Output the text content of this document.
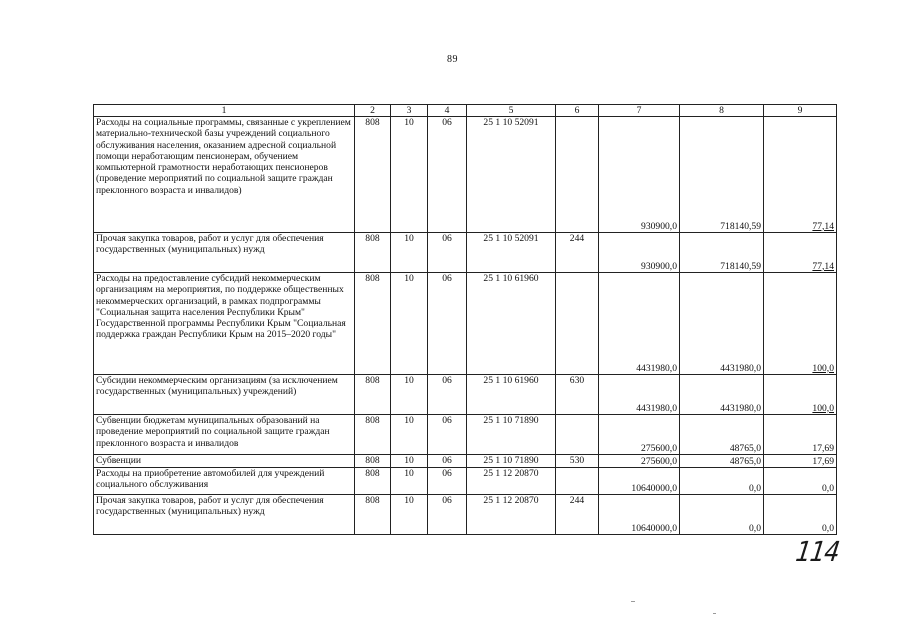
89
1	2	3	4	5	6	7	8	9
Расходы на социальные программы, связанные с укреплением материально-технической базы учреждений социального обслуживания населения, оказанием адресной социальной помощи неработающим пенсионерам, обучением компьютерной грамотности неработающих пенсионеров (проведение мероприятий по социальной защите граждан преклонного возраста и инвалидов)	808	10	06	25 1 10 52091		930900,0	718140,59	77,14
Прочая закупка товаров, работ и услуг для обеспечения государственных (муниципальных) нужд	808	10	06	25 1 10 52091	244	930900,0	718140,59	77,14
Расходы на предоставление субсидий некоммерческим организациям на мероприятия, по поддержке общественных некоммерческих организаций, в рамках подпрограммы "Социальная защита населения Республики Крым" Государственной программы Республики Крым "Социальная поддержка граждан Республики Крым на 2015–2020 годы"	808	10	06	25 1 10 61960		4431980,0	4431980,0	100,0
Субсидии некоммерческим организациям (за исключением государственных (муниципальных) учреждений)	808	10	06	25 1 10 61960	630	4431980,0	4431980,0	100,0
Субвенции бюджетам муниципальных образований на проведение мероприятий по социальной защите граждан преклонного возраста и инвалидов	808	10	06	25 1 10 71890		275600,0	48765,0	17,69
Субвенции	808	10	06	25 1 10 71890	530	275600,0	48765,0	17,69
Расходы на приобретение автомобилей для учреждений социального обслуживания	808	10	06	25 1 12 20870		10640000,0	0,0	0,0
Прочая закупка товаров, работ и услуг для обеспечения государственных (муниципальных) нужд	808	10	06	25 1 12 20870	244	10640000,0	0,0	0,0
114
